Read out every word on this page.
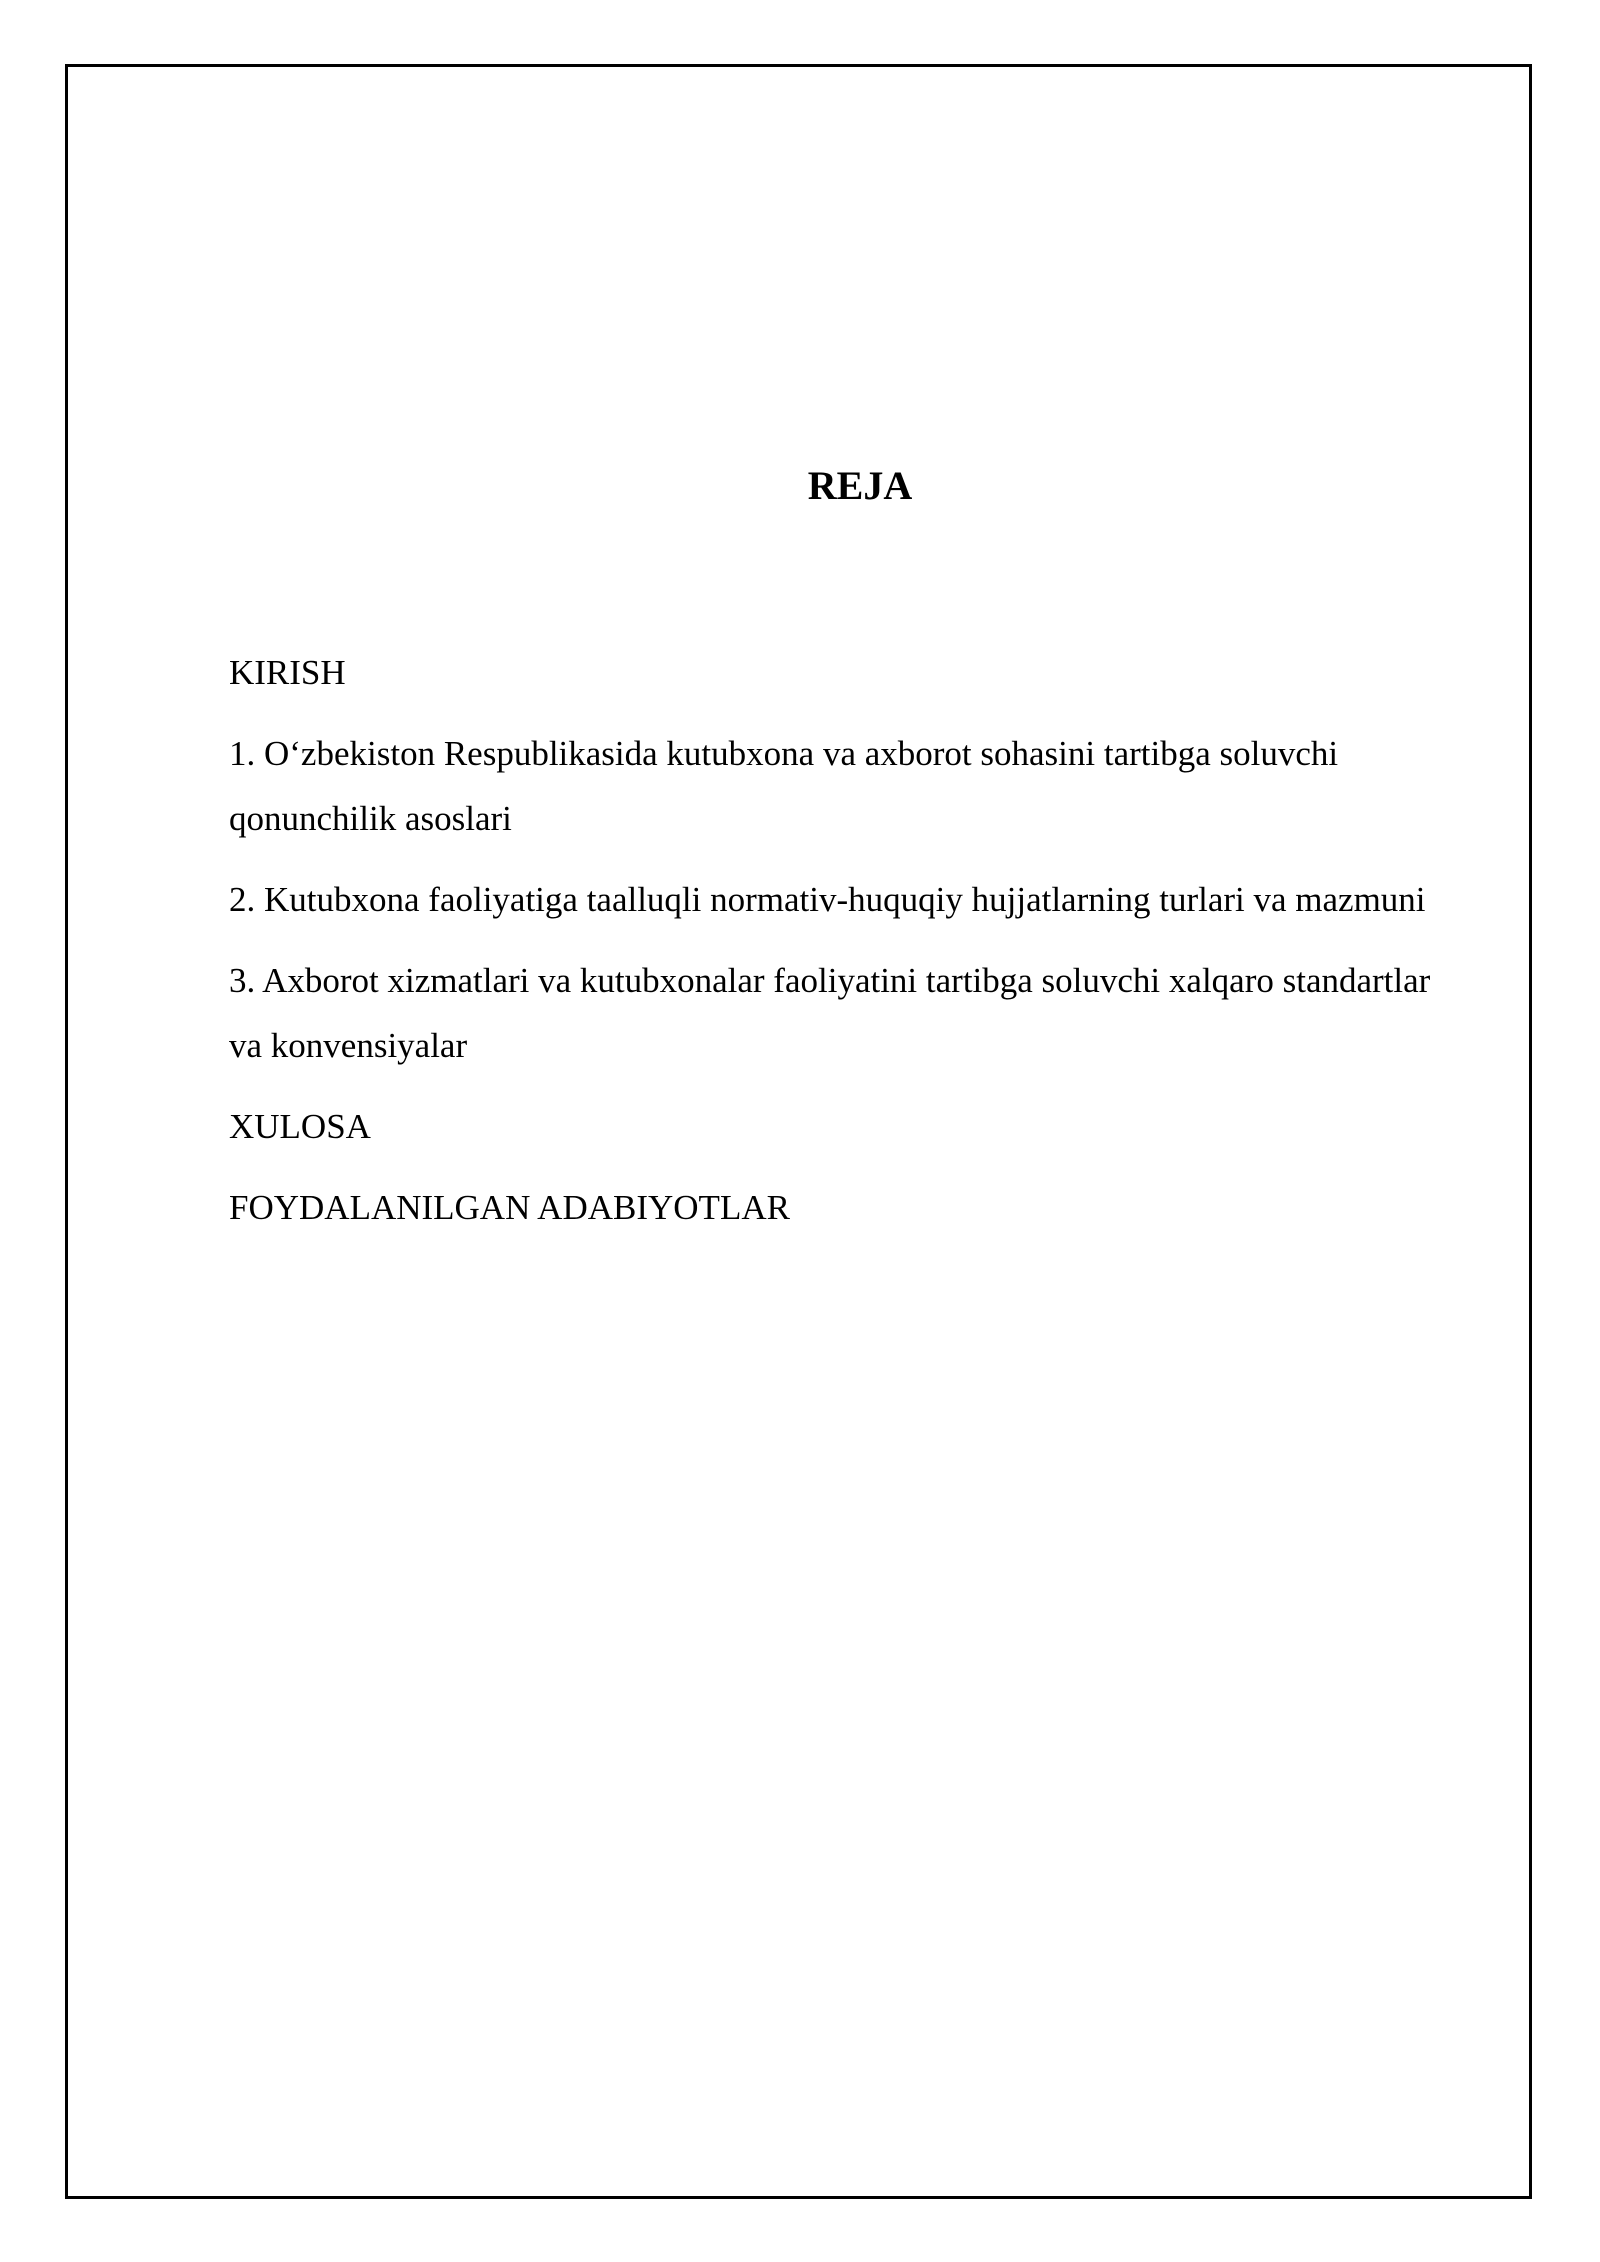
REJA
KIRISH
1. O‘zbekiston Respublikasida kutubxona va axborot sohasini tartibga soluvchi qonunchilik asoslari
2. Kutubxona faoliyatiga taalluqli normativ-huquqiy hujjatlarning turlari va mazmuni
3. Axborot xizmatlari va kutubxonalar faoliyatini tartibga soluvchi xalqaro standartlar va konvensiyalar
XULOSA
FOYDALANILGAN ADABIYOTLAR
